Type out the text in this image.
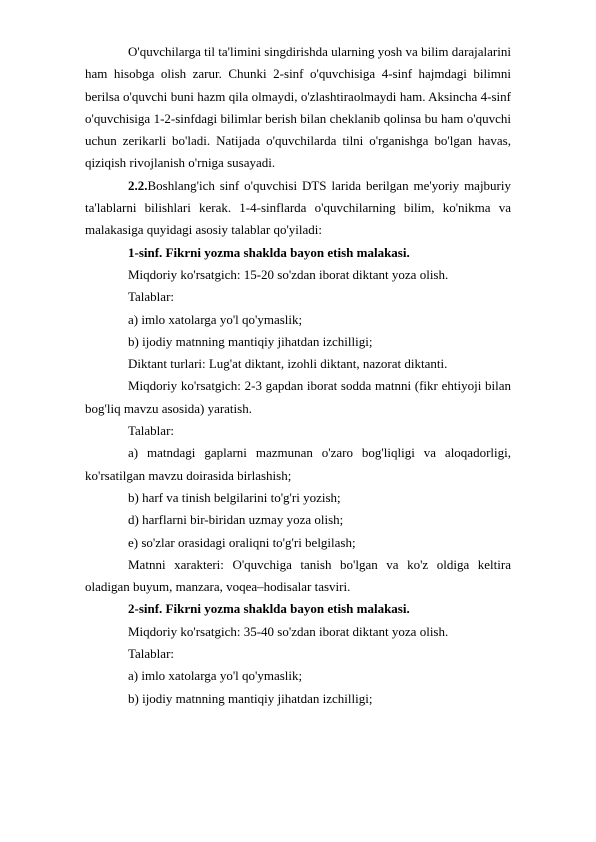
O'quvchilarga til ta'limini singdirishda ularning yosh va bilim darajalarini ham hisobga olish zarur. Chunki 2-sinf o'quvchisiga 4-sinf hajmdagi bilimni berilsa o'quvchi buni hazm qila olmaydi, o'zlashtiraolmaydi ham. Aksincha 4-sinf o'quvchisiga 1-2-sinfdagi bilimlar berish bilan cheklanib qolinsa bu ham o'quvchi uchun zerikarli bo'ladi. Natijada o'quvchilarda tilni o'rganishga bo'lgan havas, qiziqish rivojlanish o'rniga susayadi.

2.2.Boshlang'ich sinf o'quvchisi DTS larida berilgan me'yoriy majburiy ta'lablarni bilishlari kerak. 1-4-sinflarda o'quvchilarning bilim, ko'nikma va malakasiga quyidagi asosiy talablar qo'yiladi:

1-sinf. Fikrni yozma shaklda bayon etish malakasi.

Miqdoriy ko'rsatgich: 15-20 so'zdan iborat diktant yoza olish.

Talablar:

a) imlo xatolarga yo'l qo'ymaslik;

b) ijodiy matnning mantiqiy jihatdan izchilligi;

Diktant turlari: Lug'at diktant, izohli diktant, nazorat diktanti.

Miqdoriy ko'rsatgich: 2-3 gapdan iborat sodda matnni (fikr ehtiyoji bilan bog'liq mavzu asosida) yaratish.

Talablar:

a) matndagi gaplarni mazmunan o'zaro bog'liqligi va aloqadorligi, ko'rsatilgan mavzu doirasida birlashish;

b) harf va tinish belgilarini to'g'ri yozish;

d) harflarni bir-biridan uzmay yoza olish;

e) so'zlar orasidagi oraliqni to'g'ri belgilash;

Matnni xarakteri: O'quvchiga tanish bo'lgan va ko'z oldiga keltira oladigan buyum, manzara, voqea–hodisalar tasviri.

2-sinf. Fikrni yozma shaklda bayon etish malakasi.

Miqdoriy ko'rsatgich: 35-40 so'zdan iborat diktant yoza olish.

Talablar:

a) imlo xatolarga yo'l qo'ymaslik;

b) ijodiy matnning mantiqiy jihatdan izchilligi;
